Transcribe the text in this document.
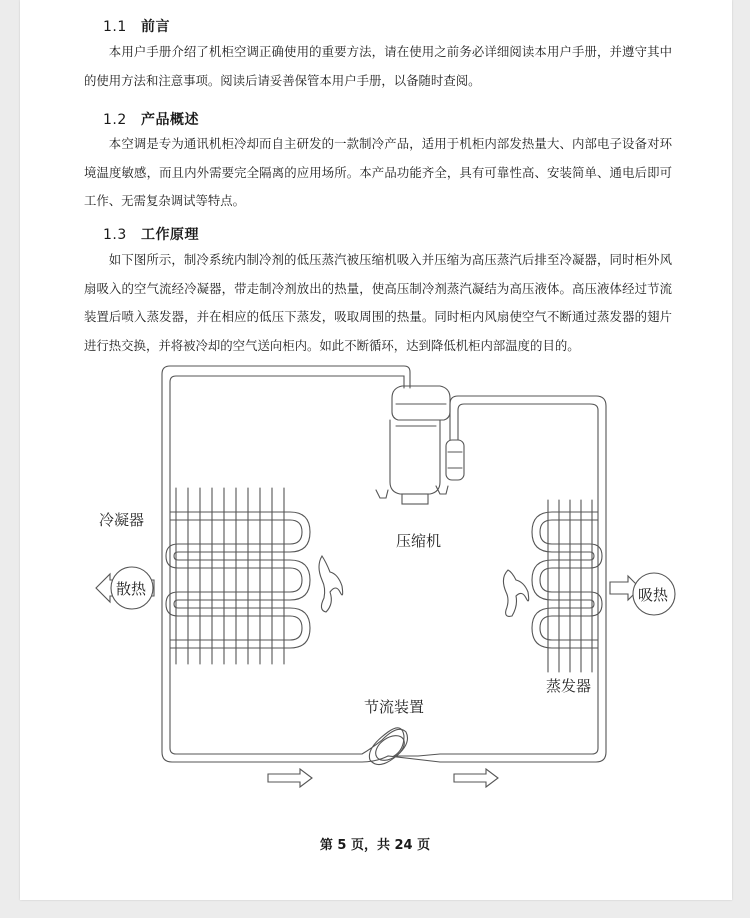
1.1 前言
本用户手册介绍了机柜空调正确使用的重要方法，请在使用之前务必详细阅读本用户手册，并遵守其中的使用方法和注意事项。阅读后请妥善保管本用户手册，以备随时查阅。
1.2 产品概述
本空调是专为通讯机柜冷却而自主研发的一款制冷产品，适用于机柜内部发热量大、内部电子设备对环境温度敏感，而且内外需要完全隔离的应用场所。本产品功能齐全，具有可靠性高、安装简单、通电后即可工作、无需复杂调试等特点。
1.3 工作原理
如下图所示，制冷系统内制冷剂的低压蒸汽被压缩机吸入并压缩为高压蒸汽后排至冷凝器，同时柜外风扇吸入的空气流经冷凝器，带走制冷剂放出的热量，使高压制冷剂蒸汽凝结为高压液体。高压液体经过节流装置后喷入蒸发器，并在相应的低压下蒸发，吸取周围的热量。同时柜内风扇使空气不断通过蒸发器的翅片进行热交换，并将被冷却的空气送向柜内。如此不断循环，达到降低机柜内部温度的目的。
冷凝器
压缩机
蒸发器
节流装置
散热	吸热
第 5 页，共 24 页
